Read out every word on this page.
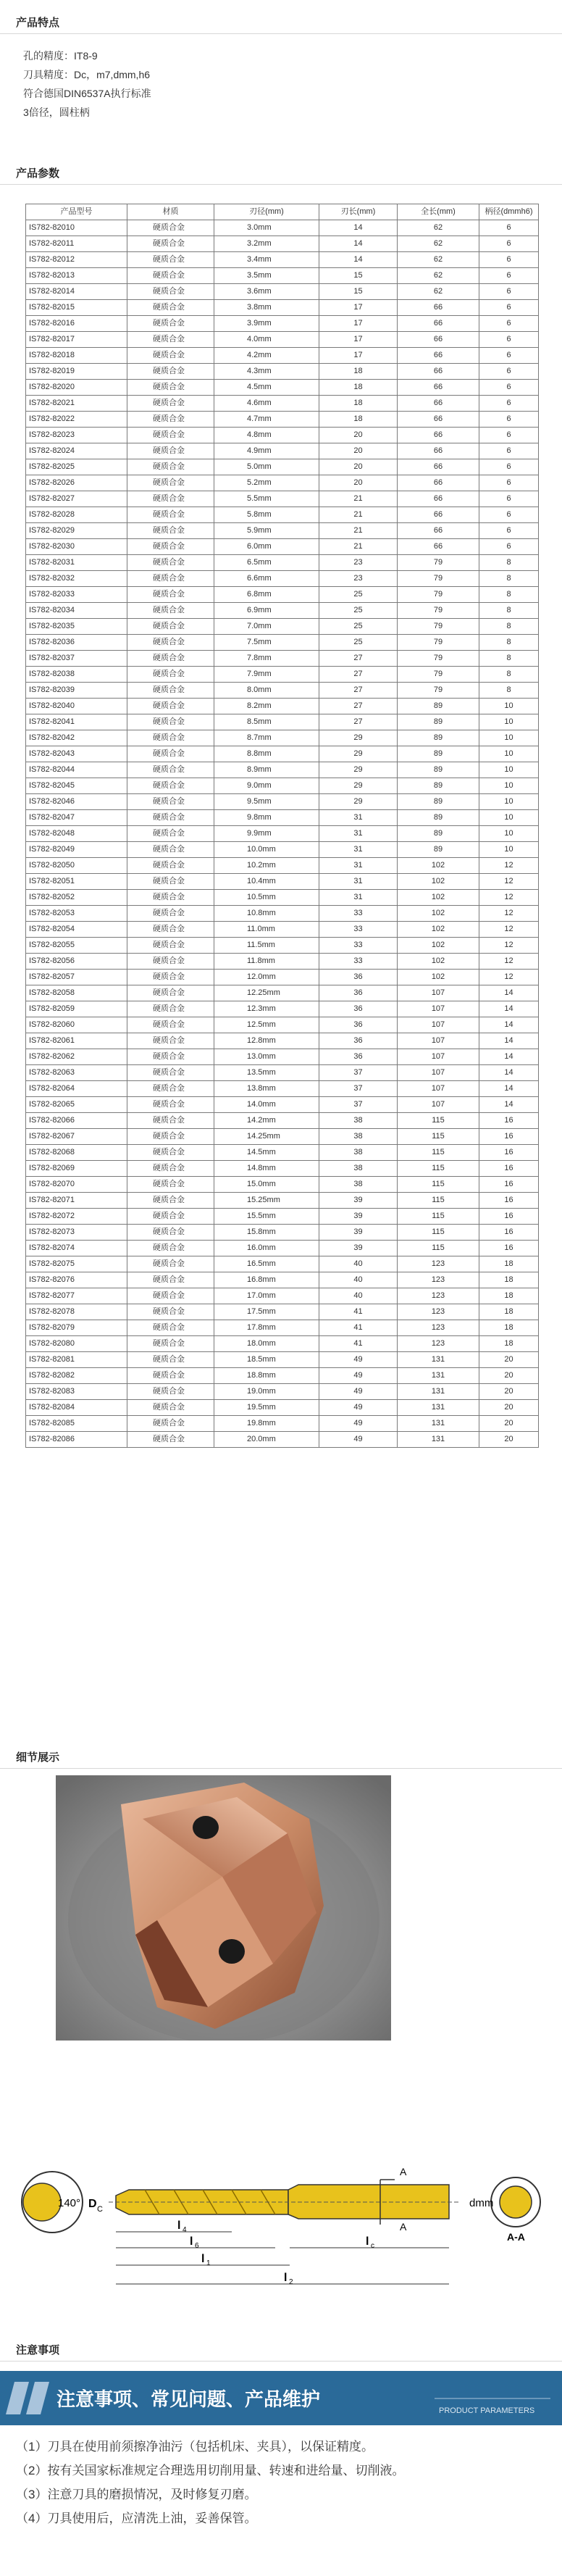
产品特点
孔的精度：IT8-9
刀具精度：Dc，m7,dmm,h6
符合德国DIN6537A执行标准
3倍径，圆柱柄
产品参数
产品型号	材质	刃径(mm)	刃长(mm)	全长(mm)	柄径(dmmh6)
IS782-82010	硬质合金	3.0mm	14	62	6
IS782-82011	硬质合金	3.2mm	14	62	6
IS782-82012	硬质合金	3.4mm	14	62	6
IS782-82013	硬质合金	3.5mm	15	62	6
IS782-82014	硬质合金	3.6mm	15	62	6
IS782-82015	硬质合金	3.8mm	17	66	6
IS782-82016	硬质合金	3.9mm	17	66	6
IS782-82017	硬质合金	4.0mm	17	66	6
IS782-82018	硬质合金	4.2mm	17	66	6
IS782-82019	硬质合金	4.3mm	18	66	6
IS782-82020	硬质合金	4.5mm	18	66	6
IS782-82021	硬质合金	4.6mm	18	66	6
IS782-82022	硬质合金	4.7mm	18	66	6
IS782-82023	硬质合金	4.8mm	20	66	6
IS782-82024	硬质合金	4.9mm	20	66	6
IS782-82025	硬质合金	5.0mm	20	66	6
IS782-82026	硬质合金	5.2mm	20	66	6
IS782-82027	硬质合金	5.5mm	21	66	6
IS782-82028	硬质合金	5.8mm	21	66	6
IS782-82029	硬质合金	5.9mm	21	66	6
IS782-82030	硬质合金	6.0mm	21	66	6
IS782-82031	硬质合金	6.5mm	23	79	8
IS782-82032	硬质合金	6.6mm	23	79	8
IS782-82033	硬质合金	6.8mm	25	79	8
IS782-82034	硬质合金	6.9mm	25	79	8
IS782-82035	硬质合金	7.0mm	25	79	8
IS782-82036	硬质合金	7.5mm	25	79	8
IS782-82037	硬质合金	7.8mm	27	79	8
IS782-82038	硬质合金	7.9mm	27	79	8
IS782-82039	硬质合金	8.0mm	27	79	8
IS782-82040	硬质合金	8.2mm	27	89	10
IS782-82041	硬质合金	8.5mm	27	89	10
IS782-82042	硬质合金	8.7mm	29	89	10
IS782-82043	硬质合金	8.8mm	29	89	10
IS782-82044	硬质合金	8.9mm	29	89	10
IS782-82045	硬质合金	9.0mm	29	89	10
IS782-82046	硬质合金	9.5mm	29	89	10
IS782-82047	硬质合金	9.8mm	31	89	10
IS782-82048	硬质合金	9.9mm	31	89	10
IS782-82049	硬质合金	10.0mm	31	89	10
IS782-82050	硬质合金	10.2mm	31	102	12
IS782-82051	硬质合金	10.4mm	31	102	12
IS782-82052	硬质合金	10.5mm	31	102	12
IS782-82053	硬质合金	10.8mm	33	102	12
IS782-82054	硬质合金	11.0mm	33	102	12
IS782-82055	硬质合金	11.5mm	33	102	12
IS782-82056	硬质合金	11.8mm	33	102	12
IS782-82057	硬质合金	12.0mm	36	102	12
IS782-82058	硬质合金	12.25mm	36	107	14
IS782-82059	硬质合金	12.3mm	36	107	14
IS782-82060	硬质合金	12.5mm	36	107	14
IS782-82061	硬质合金	12.8mm	36	107	14
IS782-82062	硬质合金	13.0mm	36	107	14
IS782-82063	硬质合金	13.5mm	37	107	14
IS782-82064	硬质合金	13.8mm	37	107	14
IS782-82065	硬质合金	14.0mm	37	107	14
IS782-82066	硬质合金	14.2mm	38	115	16
IS782-82067	硬质合金	14.25mm	38	115	16
IS782-82068	硬质合金	14.5mm	38	115	16
IS782-82069	硬质合金	14.8mm	38	115	16
IS782-82070	硬质合金	15.0mm	38	115	16
IS782-82071	硬质合金	15.25mm	39	115	16
IS782-82072	硬质合金	15.5mm	39	115	16
IS782-82073	硬质合金	15.8mm	39	115	16
IS782-82074	硬质合金	16.0mm	39	115	16
IS782-82075	硬质合金	16.5mm	40	123	18
IS782-82076	硬质合金	16.8mm	40	123	18
IS782-82077	硬质合金	17.0mm	40	123	18
IS782-82078	硬质合金	17.5mm	41	123	18
IS782-82079	硬质合金	17.8mm	41	123	18
IS782-82080	硬质合金	18.0mm	41	123	18
IS782-82081	硬质合金	18.5mm	49	131	20
IS782-82082	硬质合金	18.8mm	49	131	20
IS782-82083	硬质合金	19.0mm	49	131	20
IS782-82084	硬质合金	19.5mm	49	131	20
IS782-82085	硬质合金	19.8mm	49	131	20
IS782-82086	硬质合金	20.0mm	49	131	20
细节展示
140° D C
A-A
dmm
A
A
l 4
l 6
l 1
l 2
l c
注意事项
注意事项、常见问题、产品维护
PRODUCT PARAMETERS
（1）刀具在使用前须擦净油污（包括机床、夹具），以保证精度。
（2）按有关国家标准规定合理选用切削用量、转速和进给量、切削液。
（3）注意刀具的磨损情况，及时修复刃磨。
（4）刀具使用后，应清洗上油，妥善保管。
